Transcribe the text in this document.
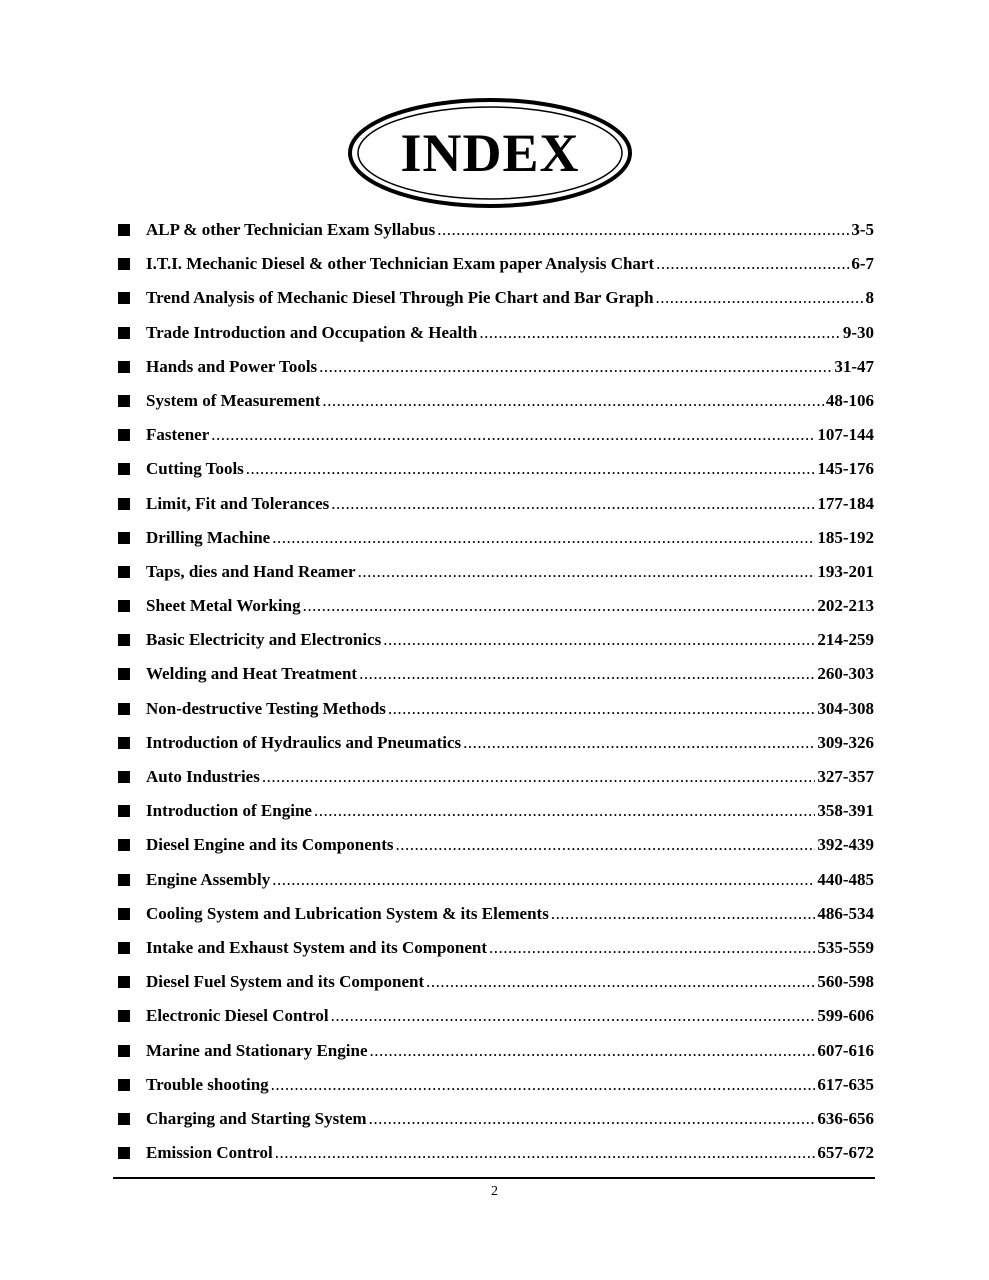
INDEX
ALP & other Technician Exam Syllabus .....	3-5
I.T.I. Mechanic Diesel & other Technician Exam paper Analysis Chart .....	6-7
Trend Analysis of Mechanic Diesel Through Pie Chart and Bar Graph .....	8
Trade Introduction and Occupation & Health .....	9-30
Hands and Power Tools .....	31-47
System of Measurement .....	48-106
Fastener .....	107-144
Cutting Tools .....	145-176
Limit, Fit and Tolerances .....	177-184
Drilling Machine .....	185-192
Taps, dies and Hand Reamer .....	193-201
Sheet Metal Working .....	202-213
Basic Electricity and Electronics .....	214-259
Welding and Heat Treatment .....	260-303
Non-destructive Testing Methods .....	304-308
Introduction of Hydraulics and Pneumatics .....	309-326
Auto Industries .....	327-357
Introduction of Engine .....	358-391
Diesel Engine and its Components .....	392-439
Engine Assembly .....	440-485
Cooling System and Lubrication System & its Elements .....	486-534
Intake and Exhaust System and its Component .....	535-559
Diesel Fuel System and its Component .....	560-598
Electronic Diesel Control .....	599-606
Marine and Stationary Engine .....	607-616
Trouble shooting .....	617-635
Charging and Starting System .....	636-656
Emission Control .....	657-672
2
